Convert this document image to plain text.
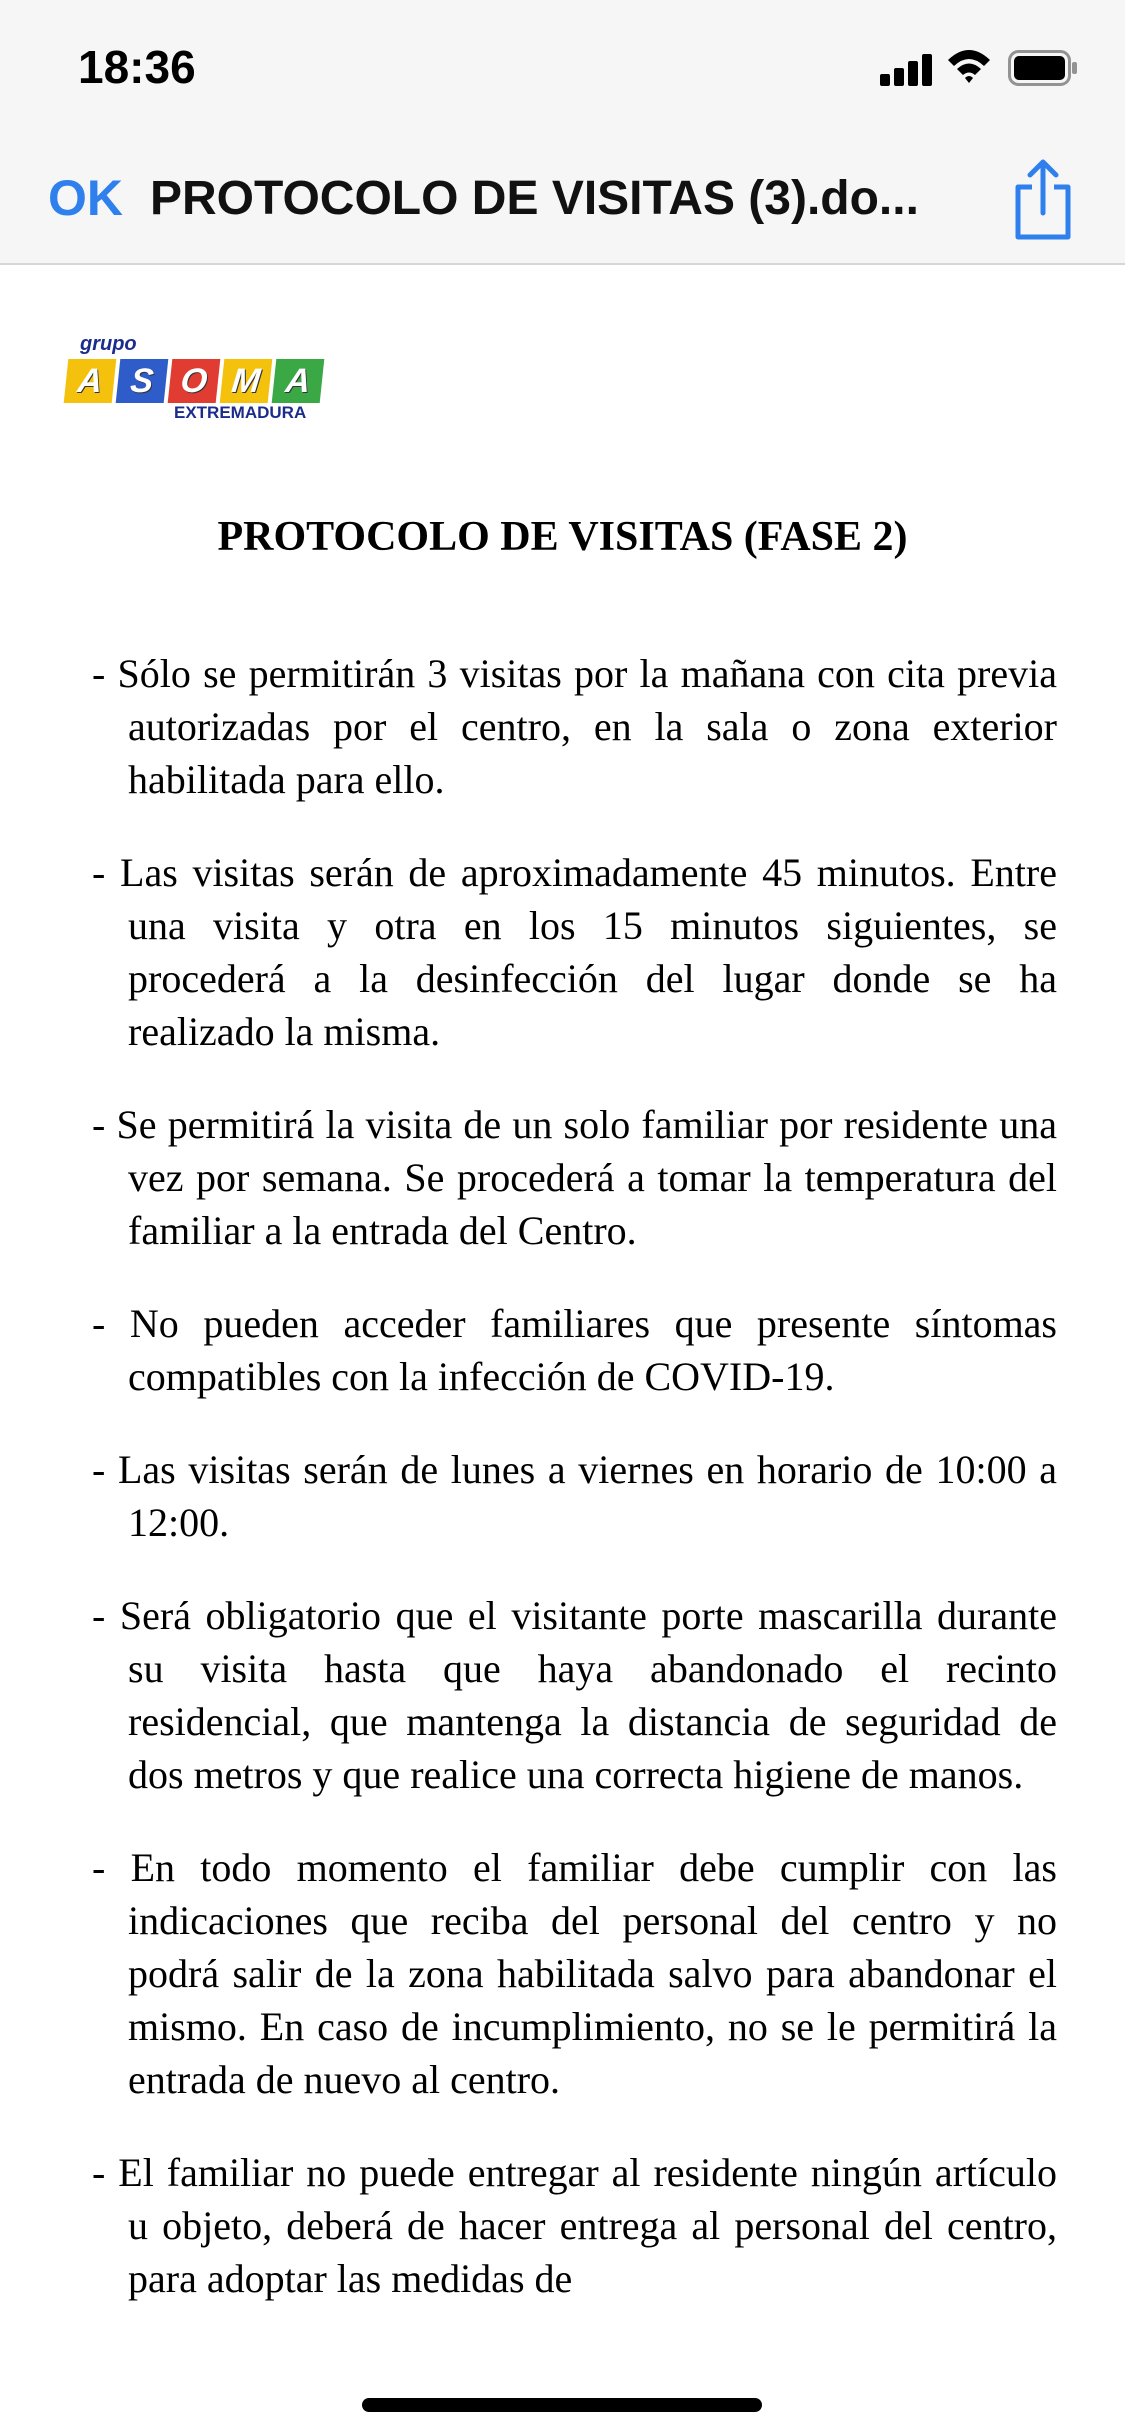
18:36
OK PROTOCOLO DE VISITAS (3).do...
grupo
A S O M A
EXTREMADURA
PROTOCOLO DE VISITAS (FASE 2)

- Sólo se permitirán 3 visitas por la mañana con cita previa autorizadas por el centro, en la sala o zona exterior habilitada para ello.

- Las visitas serán de aproximadamente 45 minutos. Entre una visita y otra en los 15 minutos siguientes, se procederá a la desinfección del lugar donde se ha realizado la misma.

- Se permitirá la visita de un solo familiar por residente una vez por semana. Se procederá a tomar la temperatura del familiar a la entrada del Centro.

- No pueden acceder familiares que presente síntomas compatibles con la infección de COVID-19.

- Las visitas serán de lunes a viernes en horario de 10:00 a 12:00.

- Será obligatorio que el visitante porte mascarilla durante su visita hasta que haya abandonado el recinto residencial, que mantenga la distancia de seguridad de dos metros y que realice una correcta higiene de manos.

- En todo momento el familiar debe cumplir con las indicaciones que reciba del personal del centro y no podrá salir de la zona habilitada salvo para abandonar el mismo. En caso de incumplimiento, no se le permitirá la entrada de nuevo al centro.

- El familiar no puede entregar al residente ningún artículo u objeto, deberá de hacer entrega al personal del centro, para adoptar las medidas de
